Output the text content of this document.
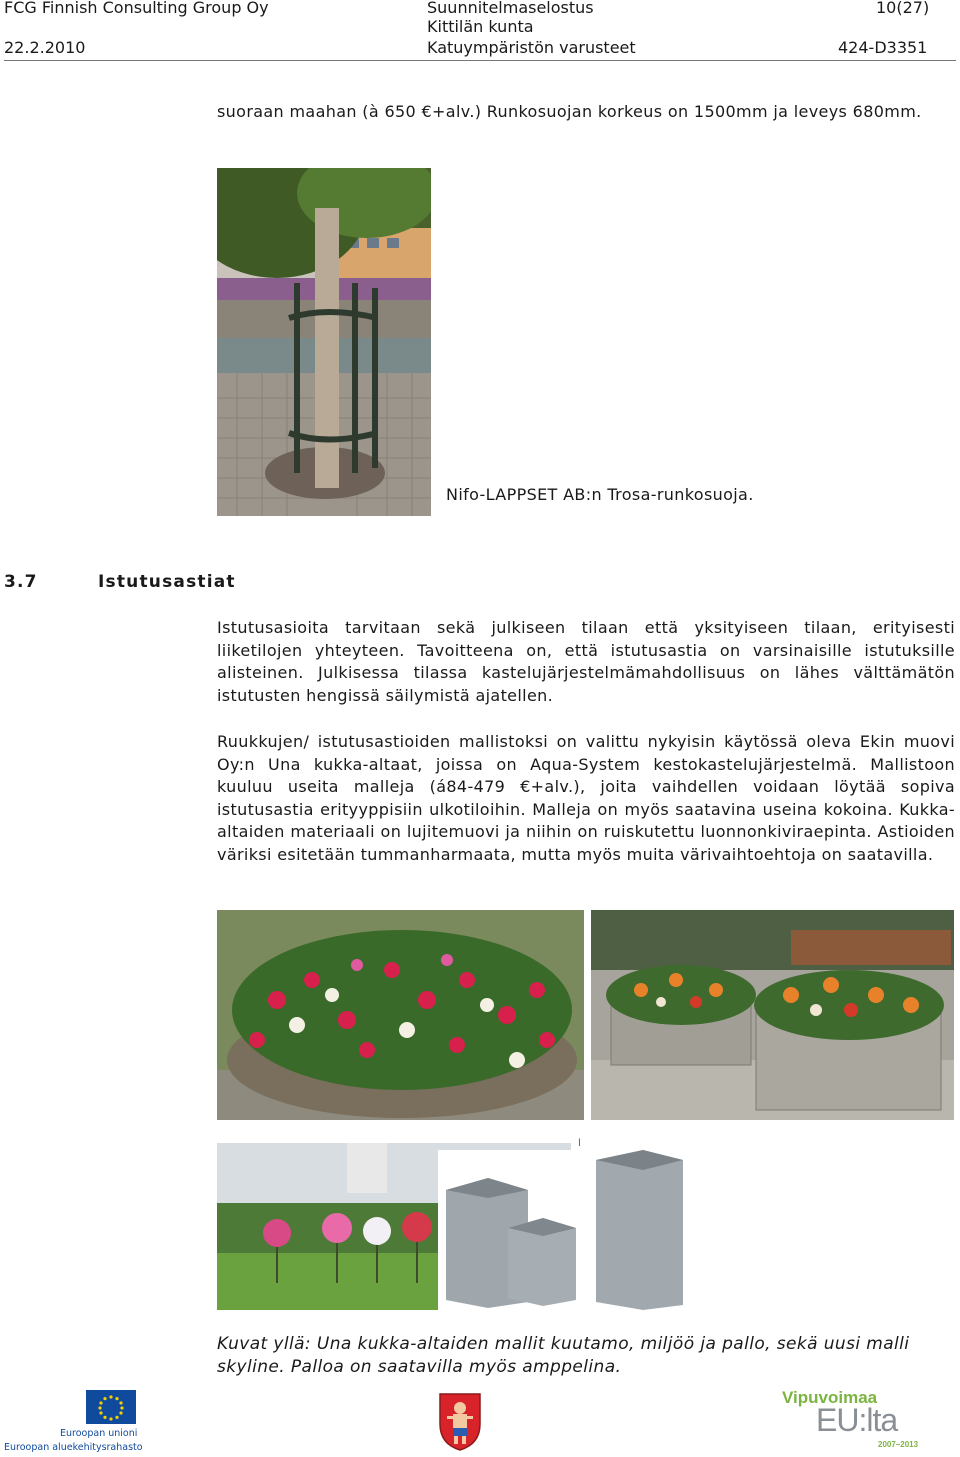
FCG Finnish Consulting Group Oy
22.2.2010
Suunnitelmaselostus
Kittilän kunta
Katuympäristön varusteet
10(27)
424-D3351
suoraan maahan (à 650 €+alv.) Runkosuojan korkeus on 1500mm ja leveys 680mm.
Nifo-LAPPSET AB:n Trosa-runkosuoja.
3.7	Istutusastiat
Istutusasioita tarvitaan sekä julkiseen tilaan että yksityiseen tilaan, erityisesti liiketilojen yhteyteen. Tavoitteena on, että istutusastia on varsinaisille istutuksille alisteinen. Julkisessa tilassa kastelujärjestelmämahdollisuus on lähes välttämätön istutusten hengissä säilymistä ajatellen.
Ruukkujen/ istutusastioiden mallistoksi on valittu nykyisin käytössä oleva Ekin muovi Oy:n Una kukka-altaat, joissa on Aqua-System kestokastelujärjestelmä. Mallistoon kuuluu useita malleja (á84-479 €+alv.), joita vaihdellen voidaan löytää sopiva istutusastia erityyppisiin ulkotiloihin. Malleja on myös saatavina useina kokoina. Kukka-altaiden materiaali on lujitemuovi ja niihin on ruiskutettu luonnonkiviraepinta. Astioiden väriksi esitetään tummanharmaata, mutta myös muita värivaihtoehtoja on saatavilla.
l
Kuvat yllä: Una kukka-altaiden mallit kuutamo, miljöö ja pallo, sekä uusi malli skyline. Palloa on saatavilla myös amppelina.
Euroopan unioni
Euroopan aluekehitysrahasto
Vipuvoimaa
EU:lta
2007–2013
